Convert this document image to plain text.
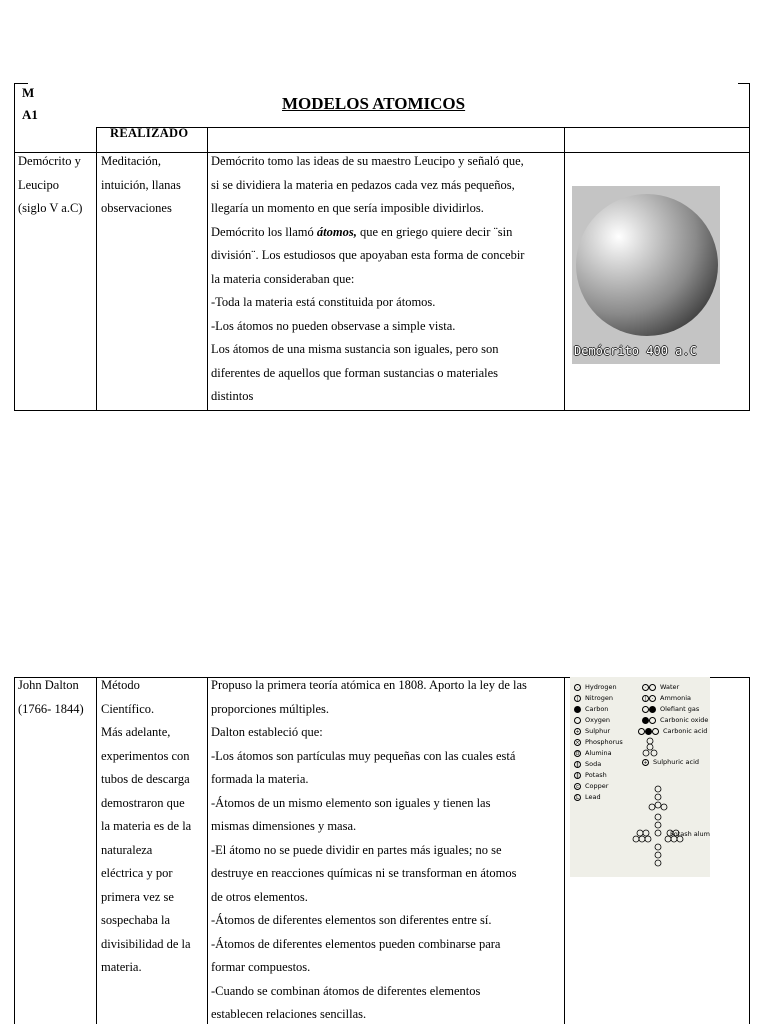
M
A1
MODELOS ATOMICOS
REALIZADO
Demócrito y
Leucipo
(siglo V a.C)
Meditación,
intuición, llanas
observaciones
Demócrito tomo las ideas de su maestro Leucipo y señaló que,
si se dividiera la materia en pedazos cada vez más pequeños,
llegaría un momento en que sería imposible dividirlos.
Demócrito los llamó átomos, que en griego quiere decir ¨sin
división¨. Los estudiosos que apoyaban esta forma de concebir
la materia consideraban que:
-Toda la materia está constituida por átomos.
-Los átomos no pueden observase a simple vista.
Los átomos de una misma sustancia son iguales, pero son
diferentes de aquellos que forman sustancias o materiales
distintos
Demócrito 400 a.C
John Dalton
(1766- 1844)
Método
Científico.
Más adelante,
experimentos con
tubos de descarga
demostraron que
la materia es de la
naturaleza
eléctrica y por
primera vez se
sospechaba la
divisibilidad de la
materia.
Propuso la primera teoría atómica en 1808. Aporto la ley de las
proporciones múltiples.
Dalton estableció que:
-Los átomos son partículas muy pequeñas con las cuales está
formada la materia.
-Átomos de un mismo elemento son iguales y tienen las
mismas dimensiones y masa.
-El átomo no se puede dividir en partes más iguales; no se
destruye en reacciones químicas ni se transforman en átomos
de otros elementos.
-Átomos de diferentes elementos son diferentes entre sí.
-Átomos de diferentes elementos pueden combinarse para
formar compuestos.
-Cuando se combinan átomos de diferentes elementos
establecen relaciones sencillas.
· Hydrogen
| Nitrogen
Carbon
Oxygen
+ Sulphur
× Phosphorus
ʘ Alumina
‖ Soda
‖ Potash
c Copper
L Lead
· Water
| · Ammonia
Olefiant gas
Carbonic oxide
Carbonic acid
+ Sulphuric acid
Potash alum
